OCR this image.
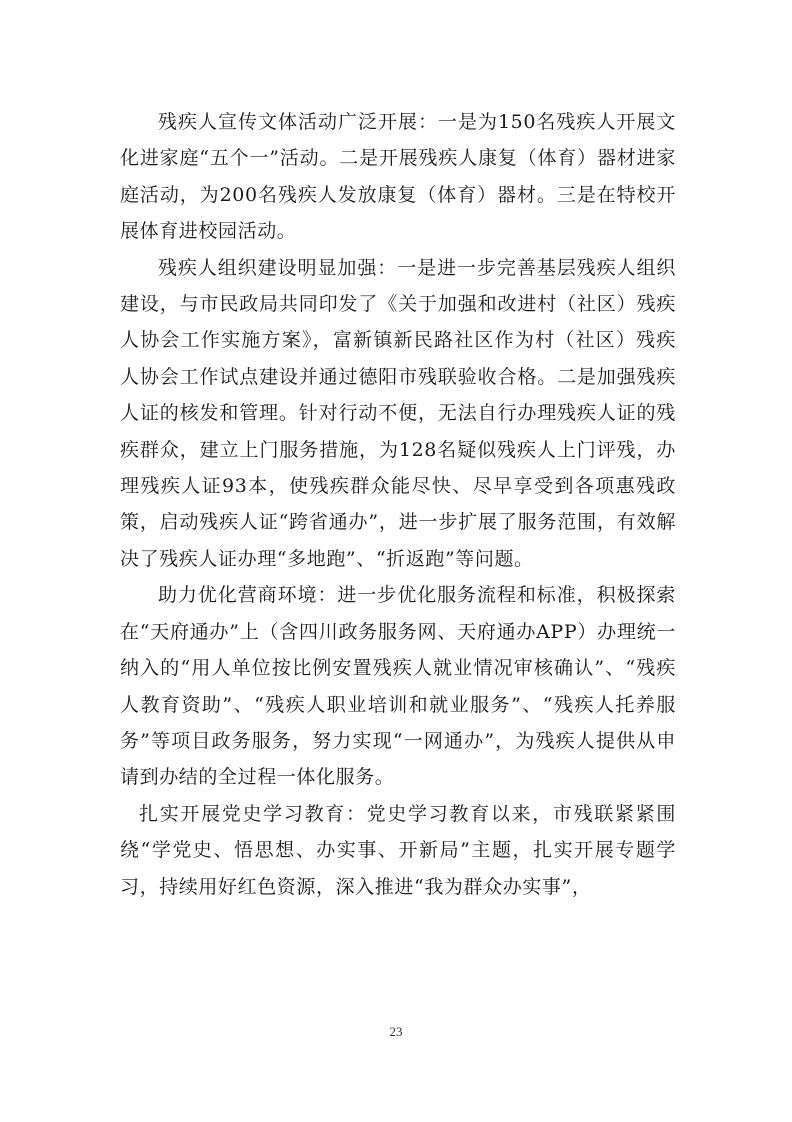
残疾人宣传文体活动广泛开展：一是为150名残疾人开展文化进家庭“五个一”活动。二是开展残疾人康复（体育）器材进家庭活动，为200名残疾人发放康复（体育）器材。三是在特校开展体育进校园活动。

残疾人组织建设明显加强：一是进一步完善基层残疾人组织建设，与市民政局共同印发了《关于加强和改进村（社区）残疾人协会工作实施方案》，富新镇新民路社区作为村（社区）残疾人协会工作试点建设并通过德阳市残联验收合格。二是加强残疾人证的核发和管理。针对行动不便，无法自行办理残疾人证的残疾群众，建立上门服务措施，为128名疑似残疾人上门评残，办理残疾人证93本，使残疾群众能尽快、尽早享受到各项惠残政策，启动残疾人证“跨省通办”，进一步扩展了服务范围，有效解决了残疾人证办理“多地跑”、“折返跑”等问题。

助力优化营商环境：进一步优化服务流程和标准，积极探索在“天府通办”上（含四川政务服务网、天府通办APP）办理统一纳入的“用人单位按比例安置残疾人就业情况审核确认”、“残疾人教育资助”、“残疾人职业培训和就业服务”、“残疾人托养服务”等项目政务服务，努力实现“一网通办”，为残疾人提供从申请到办结的全过程一体化服务。

扎实开展党史学习教育：党史学习教育以来，市残联紧紧围绕“学党史、悟思想、办实事、开新局”主题，扎实开展专题学习，持续用好红色资源，深入推进“我为群众办实事”，

23
